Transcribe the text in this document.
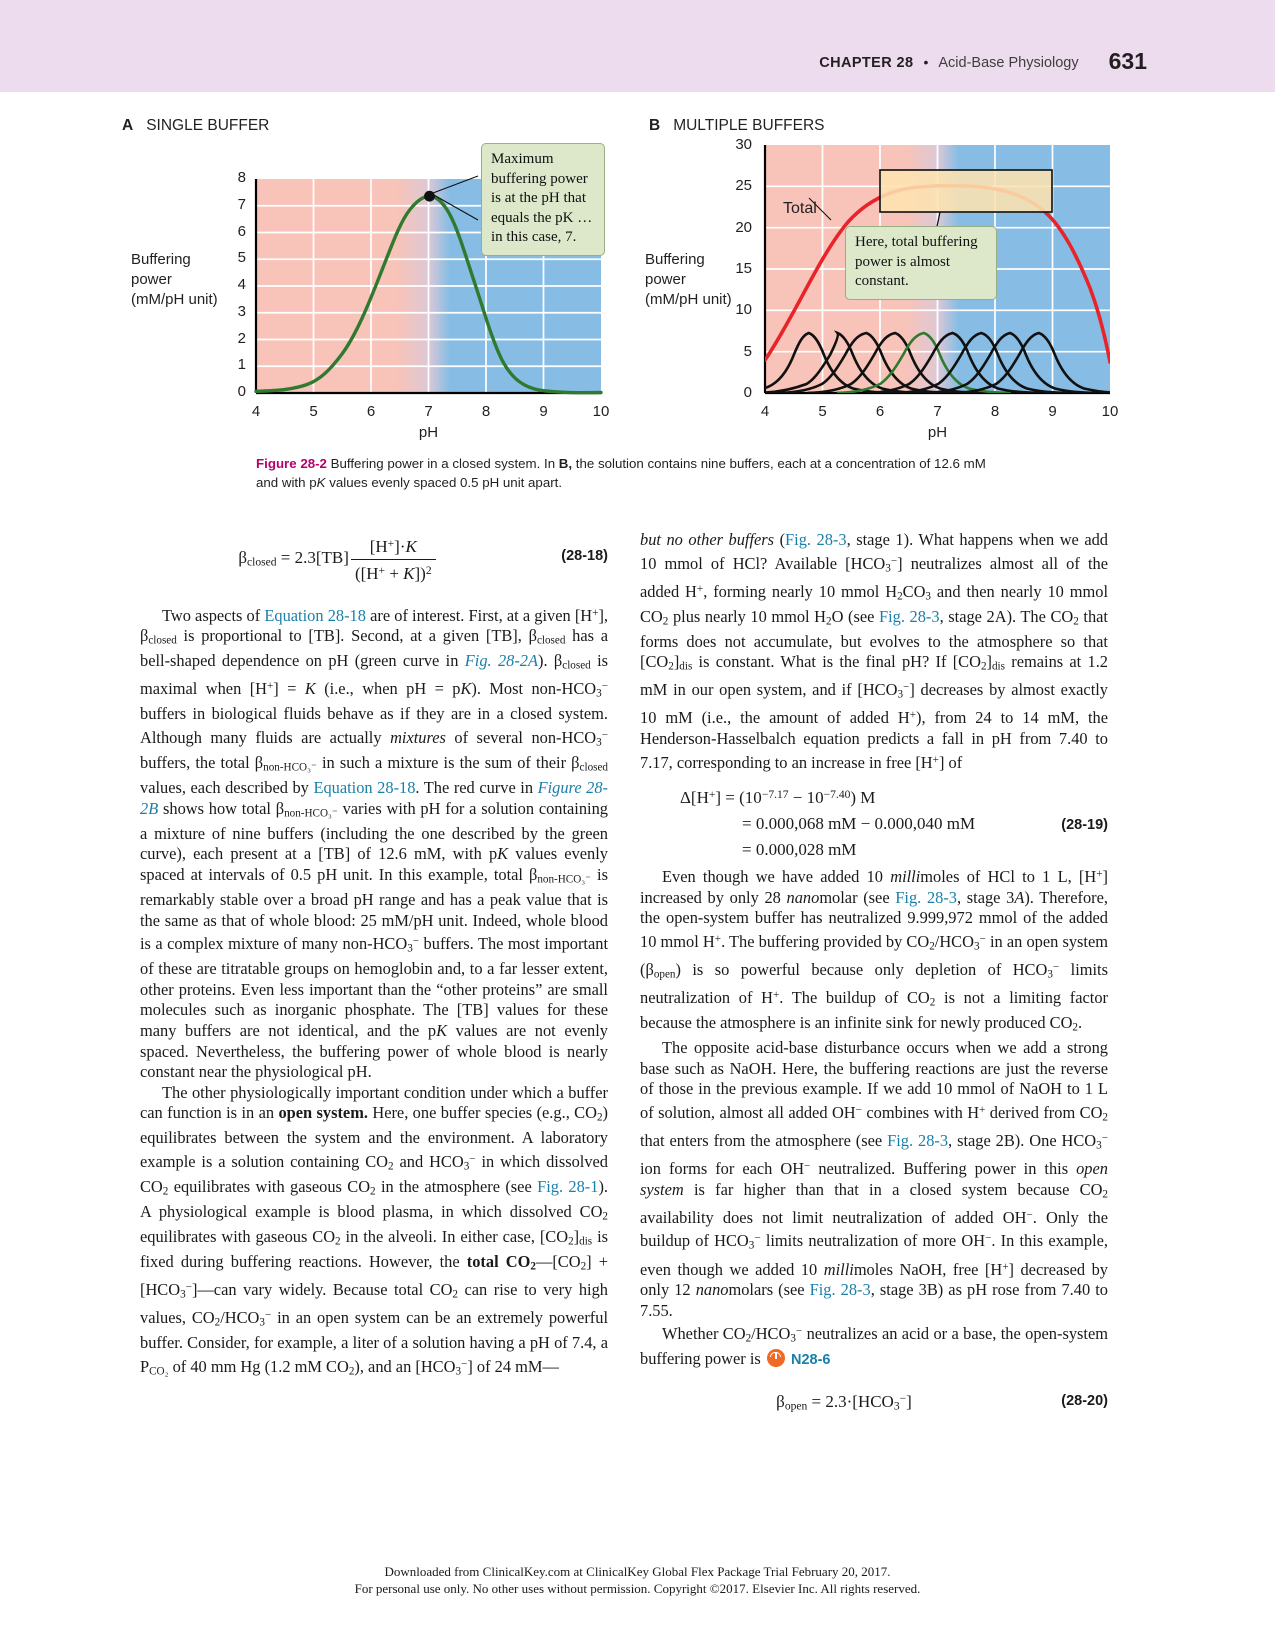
CHAPTER 28 • Acid-Base Physiology 631
A SINGLE BUFFER
Buffering
power
(mM/pH unit)
8
7
6
5
4
3
2
1
0
4	5	6	7	8	9	10
pH
Maximum buffering power is at the pH that equals the pK … in this case, 7.
B MULTIPLE BUFFERS
Buffering
power
(mM/pH unit)
30
25
20
15
10
5
0
4	5	6	7	8	9	10
pH
Total
Here, total buffering power is almost constant.
Figure 28-2 Buffering power in a closed system. In B, the solution contains nine buffers, each at a concentration of 12.6 mM and with pK values evenly spaced 0.5 pH unit apart.
$\beta_{closed} = 2.3[TB] \frac{[H^+]\cdot K}{([H^+ + K])^2}$	(28-18)

Two aspects of Equation 28-18 are of interest. First, at a given [H+], $\beta_{closed}$ is proportional to [TB]. Second, at a given [TB], $\beta_{closed}$ has a bell-shaped dependence on pH (green curve in Fig. 28-2A). $\beta_{closed}$ is maximal when [H+] = K (i.e., when pH = pK). Most non-$HCO_3^-$ buffers in biological fluids behave as if they are in a closed system. Although many fluids are actually mixtures of several non-$HCO_3^-$ buffers, the total $\beta_{non-HCO_3^-}$ in such a mixture is the sum of their $\beta_{closed}$ values, each described by Equation 28-18. The red curve in Figure 28-2B shows how total $\beta_{non-HCO_3^-}$ varies with pH for a solution containing a mixture of nine buffers (including the one described by the green curve), each present at a [TB] of 12.6 mM, with pK values evenly spaced at intervals of 0.5 pH unit. In this example, total $\beta_{non-HCO_3^-}$ is remarkably stable over a broad pH range and has a peak value that is the same as that of whole blood: 25 mM/pH unit. Indeed, whole blood is a complex mixture of many non-$HCO_3^-$ buffers. The most important of these are titratable groups on hemoglobin and, to a far lesser extent, other proteins. Even less important than the “other proteins” are small molecules such as inorganic phosphate. The [TB] values for these many buffers are not identical, and the pK values are not evenly spaced. Nevertheless, the buffering power of whole blood is nearly constant near the physiological pH.

The other physiologically important condition under which a buffer can function is in an open system. Here, one buffer species (e.g., $CO_2$) equilibrates between the system and the environment. A laboratory example is a solution containing $CO_2$ and $HCO_3^-$ in which dissolved $CO_2$ equilibrates with gaseous $CO_2$ in the atmosphere (see Fig. 28-1). A physiological example is blood plasma, in which dissolved $CO_2$ equilibrates with gaseous $CO_2$ in the alveoli. In either case, $[CO_2]_{dis}$ is fixed during buffering reactions. However, the total $CO_2—[CO_2]$ + $[HCO_3^-]—can$ vary widely. Because total $CO_2$ can rise to very high values, $CO_2/HCO_3^-$ in an open system can be an extremely powerful buffer. Consider, for example, a liter of a solution having a pH of 7.4, a $P_{CO_2}$ of 40 mm Hg (1.2 mM $CO_2$), and an $[HCO_3^-]$ of 24 mM—

but no other buffers (Fig. 28-3, stage 1). What happens when we add 10 mmol of HCl? Available $[HCO_3^-]$ neutralizes almost all of the added H+, forming nearly 10 mmol $H_2CO_3$ and then nearly 10 mmol $CO_2$ plus nearly 10 mmol $H_2O$ (see Fig. 28-3, stage 2A). The $CO_2$ that forms does not accumulate, but evolves to the atmosphere so that $[CO_2]_{dis}$ is constant. What is the final pH? If $[CO_2]_{dis}$ remains at 1.2 mM in our open system, and if $[HCO_3^-]$ decreases by almost exactly 10 mM (i.e., the amount of added H+), from 24 to 14 mM, the Henderson-Hasselbalch equation predicts a fall in pH from 7.40 to 7.17, corresponding to an increase in free [H+] of

$\Delta[H^+] = (10^{-7.17} - 10^{-7.40})$ M
= 0.000,068 mM − 0.000,040 mM	(28-19)
= 0.000,028 mM

Even though we have added 10 millimoles of HCl to 1 L, [H+] increased by only 28 nanomolar (see Fig. 28-3, stage 3A). Therefore, the open-system buffer has neutralized 9.999,972 mmol of the added 10 mmol H+. The buffering provided by $CO_2/HCO_3^-$ in an open system $(\beta_{open})$ is so powerful because only depletion of $HCO_3^-$ limits neutralization of H+. The buildup of $CO_2$ is not a limiting factor because the atmosphere is an infinite sink for newly produced $CO_2$.

The opposite acid-base disturbance occurs when we add a strong base such as NaOH. Here, the buffering reactions are just the reverse of those in the previous example. If we add 10 mmol of NaOH to 1 L of solution, almost all added OH− combines with H+ derived from $CO_2$ that enters from the atmosphere (see Fig. 28-3, stage 2B). One $HCO_3^-$ ion forms for each OH− neutralized. Buffering power in this open system is far higher than that in a closed system because $CO_2$ availability does not limit neutralization of added OH−. Only the buildup of $HCO_3^-$ limits neutralization of more OH−. In this example, even though we added 10 millimoles NaOH, free [H+] decreased by only 12 nanomolars (see Fig. 28-3, stage 3B) as pH rose from 7.40 to 7.55.

Whether $CO_2/HCO_3^-$ neutralizes an acid or a base, the open-system buffering power is  N28-6

$\beta_{open} = 2.3\cdot[HCO_3^-]$	(28-20)
Downloaded from ClinicalKey.com at ClinicalKey Global Flex Package Trial February 20, 2017.
For personal use only. No other uses without permission. Copyright ©2017. Elsevier Inc. All rights reserved.
